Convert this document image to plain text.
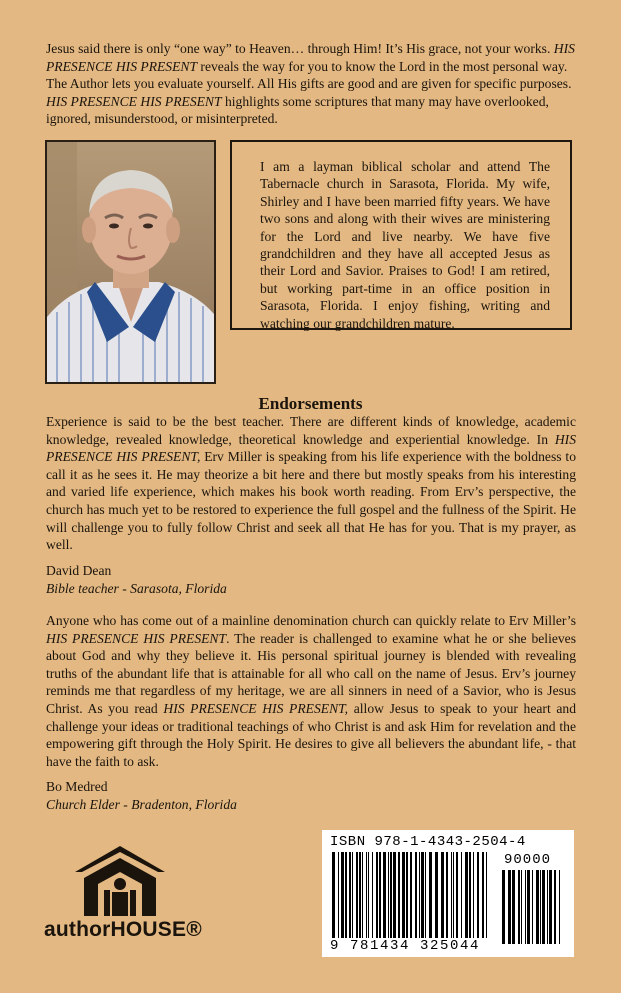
Jesus said there is only “one way” to Heaven… through Him! It’s His grace, not your works. HIS PRESENCE HIS PRESENT reveals the way for you to know the Lord in the most personal way. The Author lets you evaluate yourself. All His gifts are good and are given for specific purposes. HIS PRESENCE HIS PRESENT highlights some scriptures that many may have overlooked, ignored, misunderstood, or misinterpreted.
I am a layman biblical scholar and attend The Tabernacle church in Sarasota, Florida. My wife, Shirley and I have been married fifty years. We have two sons and along with their wives are ministering for the Lord and live nearby. We have five grandchildren and they have all accepted Jesus as their Lord and Savior. Praises to God! I am retired, but working part-time in an office position in Sarasota, Florida. I enjoy fishing, writing and watching our grandchildren mature.
Endorsements

Experience is said to be the best teacher. There are different kinds of knowledge, academic knowledge, revealed knowledge, theoretical knowledge and experiential knowledge. In HIS PRESENCE HIS PRESENT, Erv Miller is speaking from his life experience with the boldness to call it as he sees it. He may theorize a bit here and there but mostly speaks from his interesting and varied life experience, which makes his book worth reading. From Erv’s perspective, the church has much yet to be restored to experience the full gospel and the fullness of the Spirit. He will challenge you to fully follow Christ and seek all that He has for you. That is my prayer, as well.

David Dean
Bible teacher - Sarasota, Florida

Anyone who has come out of a mainline denomination church can quickly relate to Erv Miller’s HIS PRESENCE HIS PRESENT. The reader is challenged to examine what he or she believes about God and why they believe it. His personal spiritual journey is blended with revealing truths of the abundant life that is attainable for all who call on the name of Jesus. Erv’s journey reminds me that regardless of my heritage, we are all sinners in need of a Savior, who is Jesus Christ. As you read HIS PRESENCE HIS PRESENT, allow Jesus to speak to your heart and challenge your ideas or traditional teachings of who Christ is and ask Him for revelation and the empowering gift through the Holy Spirit. He desires to give all believers the abundant life, - that have the faith to ask.

Bo Medred
Church Elder - Bradenton, Florida
authorHOUSE®
ISBN 978-1-4343-2504-4
90000
9 781434 325044
